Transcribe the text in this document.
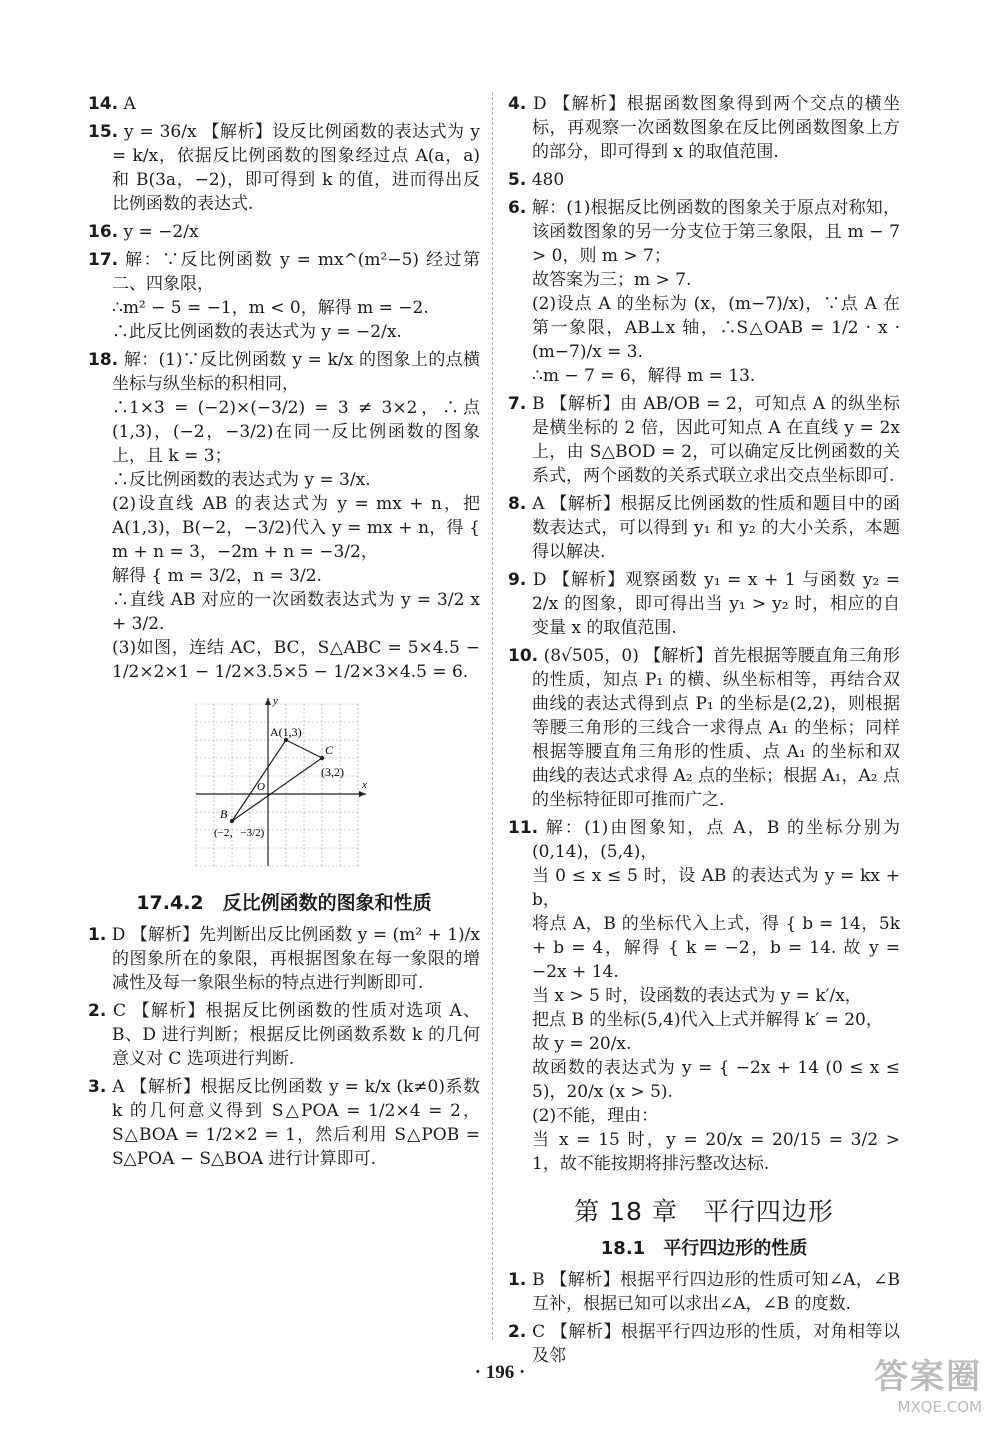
14. A

15. y = 36/x 【解析】设反比例函数的表达式为 y = k/x，依据反比例函数的图象经过点 A(a，a)和 B(3a，−2)，即可得到 k 的值，进而得出反比例函数的表达式.

16. y = −2/x

17. 解：∵反比例函数 y = mx^(m²−5) 经过第二、四象限，

∴m² − 5 = −1，m < 0，解得 m = −2.

∴此反比例函数的表达式为 y = −2/x.

18. 解：(1)∵反比例函数 y = k/x 的图象上的点横坐标与纵坐标的积相同，

∴1×3 = (−2)×(−3/2) = 3 ≠ 3×2，∴点(1,3)，(−2，−3/2)在同一反比例函数的图象上，且 k = 3；

∴反比例函数的表达式为 y = 3/x.

(2)设直线 AB 的表达式为 y = mx + n，把 A(1,3)，B(−2，−3/2)代入 y = mx + n，得 { m + n = 3，−2m + n = −3/2，

解得 { m = 3/2，n = 3/2.

∴直线 AB 对应的一次函数表达式为 y = 3/2 x + 3/2.

(3)如图，连结 AC，BC，S△ABC = 5×4.5 − 1/2×2×1 − 1/2×3.5×5 − 1/2×3×4.5 = 6.

x
y
O
A(1,3)
C
(3,2)
B
(−2，−3/2)
17.4.2　反比例函数的图象和性质

1. D 【解析】先判断出反比例函数 y = (m² + 1)/x 的图象所在的象限，再根据图象在每一象限的增减性及每一象限坐标的特点进行判断即可.

2. C 【解析】根据反比例函数的性质对选项 A、B、D 进行判断；根据反比例函数系数 k 的几何意义对 C 选项进行判断.

3. A 【解析】根据反比例函数 y = k/x (k≠0)系数 k 的几何意义得到 S△POA = 1/2×4 = 2，S△BOA = 1/2×2 = 1，然后利用 S△POB = S△POA − S△BOA 进行计算即可.

4. D 【解析】根据函数图象得到两个交点的横坐标，再观察一次函数图象在反比例函数图象上方的部分，即可得到 x 的取值范围.

5. 480

6. 解：(1)根据反比例函数的图象关于原点对称知，该函数图象的另一分支位于第三象限，且 m − 7 > 0，则 m > 7；

故答案为三；m > 7.

(2)设点 A 的坐标为 (x，(m−7)/x)，∵点 A 在第一象限，AB⊥x 轴，∴S△OAB = 1/2 · x · (m−7)/x = 3.

∴m − 7 = 6，解得 m = 13.

7. B 【解析】由 AB/OB = 2，可知点 A 的纵坐标是横坐标的 2 倍，因此可知点 A 在直线 y = 2x 上，由 S△BOD = 2，可以确定反比例函数的关系式，两个函数的关系式联立求出交点坐标即可.

8. A 【解析】根据反比例函数的性质和题目中的函数表达式，可以得到 y₁ 和 y₂ 的大小关系，本题得以解决.

9. D 【解析】观察函数 y₁ = x + 1 与函数 y₂ = 2/x 的图象，即可得出当 y₁ > y₂ 时，相应的自变量 x 的取值范围.

10. (8√505，0) 【解析】首先根据等腰直角三角形的性质，知点 P₁ 的横、纵坐标相等，再结合双曲线的表达式得到点 P₁ 的坐标是(2,2)，则根据等腰三角形的三线合一求得点 A₁ 的坐标；同样根据等腰直角三角形的性质、点 A₁ 的坐标和双曲线的表达式求得 A₂ 点的坐标；根据 A₁，A₂ 点的坐标特征即可推而广之.

11. 解：(1)由图象知，点 A，B 的坐标分别为(0,14)，(5,4)，

当 0 ≤ x ≤ 5 时，设 AB 的表达式为 y = kx + b，

将点 A，B 的坐标代入上式，得 { b = 14，5k + b = 4，解得 { k = −2，b = 14. 故 y = −2x + 14.

当 x > 5 时，设函数的表达式为 y = k′/x，

把点 B 的坐标(5,4)代入上式并解得 k′ = 20，

故 y = 20/x.

故函数的表达式为 y = { −2x + 14 (0 ≤ x ≤ 5)，20/x (x > 5).

(2)不能，理由：

当 x = 15 时，y = 20/x = 20/15 = 3/2 > 1，故不能按期将排污整改达标.

第 18 章　平行四边形
18.1　平行四边形的性质

1. B 【解析】根据平行四边形的性质可知∠A，∠B 互补，根据已知可以求出∠A，∠B 的度数.

2. C 【解析】根据平行四边形的性质，对角相等以及邻

· 196 ·	答案圈
MXQE.COM
